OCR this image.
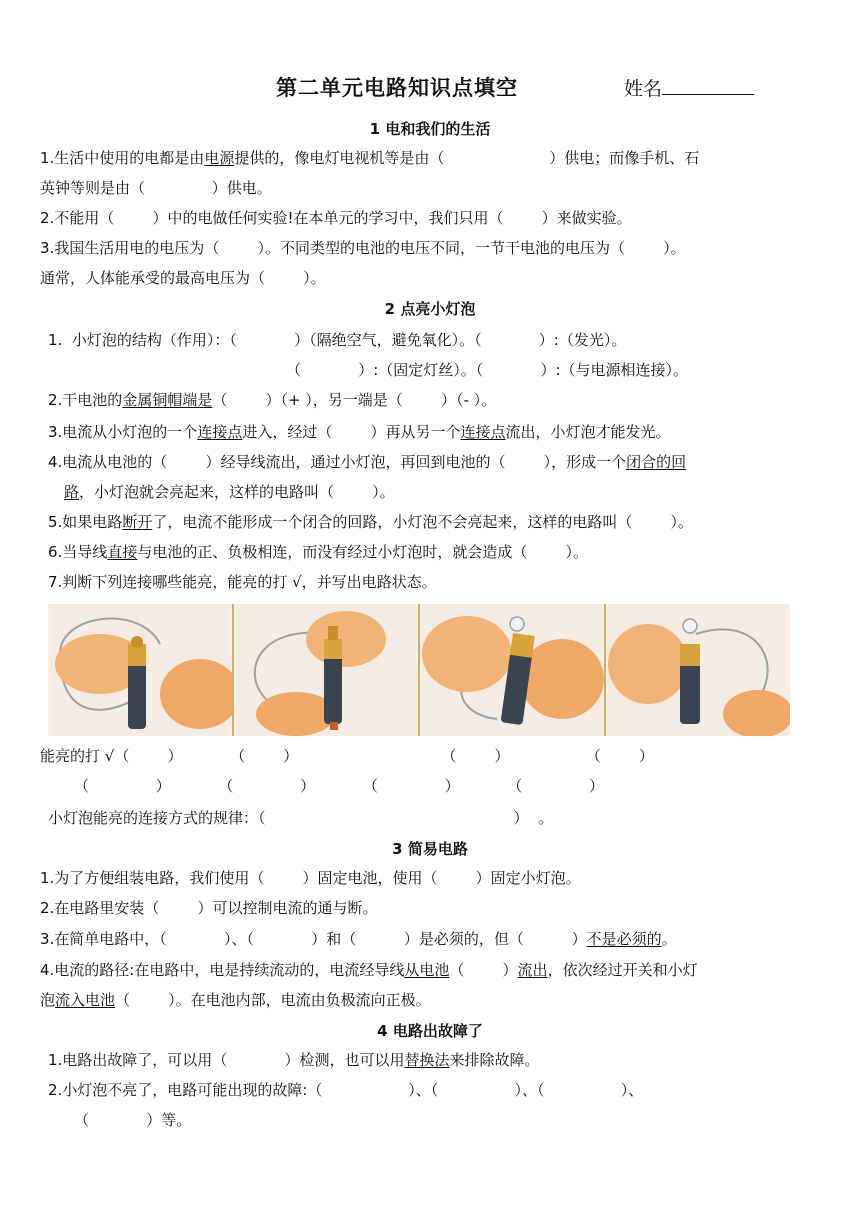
第二单元电路知识点填空	姓名
1 电和我们的生活
1.生活中使用的电都是由电源提供的，像电灯电视机等是由（                      ）供电；而像手机、石
英钟等则是由（              ）供电。
2.不能用（        ）中的电做任何实验!在本单元的学习中，我们只用（        ）来做实验。
3.我国生活用电的电压为（        ）。不同类型的电池的电压不同，一节干电池的电压为（        ）。
通常，人体能承受的最高电压为（        ）。
2 点亮小灯泡
1.  小灯泡的结构（作用）：（            ）（隔绝空气，避免氧化）。（            ）:（发光）。
（            ）:（固定灯丝）。（            ）:（与电源相连接）。
2.干电池的金属铜帽端是（        ）（+ ），另一端是（        ）（- ）。
3.电流从小灯泡的一个连接点进入，经过（        ）再从另一个连接点流出，小灯泡才能发光。
4.电流从电池的（        ）经导线流出，通过小灯泡，再回到电池的（        ），形成一个闭合的回
路，小灯泡就会亮起来，这样的电路叫（        ）。
5.如果电路断开了，电流不能形成一个闭合的回路，小灯泡不会亮起来，这样的电路叫（        ）。
6.当导线直接与电池的正、负极相连，而没有经过小灯泡时，就会造成（        ）。
7.判断下列连接哪些能亮，能亮的打 √，并写出电路状态。
能亮的打 √（        ）          （        ）                              （        ）                （        ）
（              ）          （              ）          （              ）          （              ）
小灯泡能亮的连接方式的规律：（                                                    ）  。
3 简易电路
1.为了方便组装电路，我们使用（        ）固定电池，使用（        ）固定小灯泡。
2.在电路里安装（        ）可以控制电流的通与断。
3.在简单电路中，（            ）、（            ）和（          ）是必须的，但（          ）不是必须的。
4.电流的路径:在电路中，电是持续流动的，电流经导线从电池（        ）流出，依次经过开关和小灯
泡流入电池（        ）。在电池内部，电流由负极流向正极。
4 电路出故障了
1.电路出故障了，可以用（            ）检测，也可以用替换法来排除故障。
2.小灯泡不亮了，电路可能出现的故障:（                  ）、（                ）、（                ）、
（            ）等。
